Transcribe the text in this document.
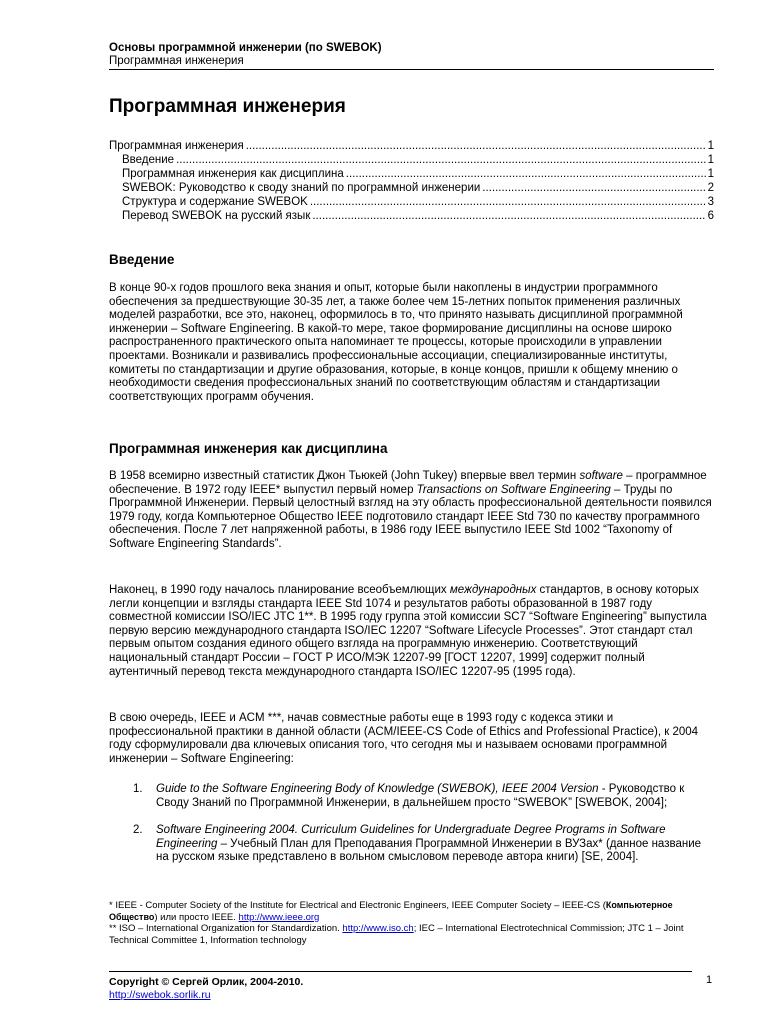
Основы программной инженерии (по SWEBOK)
Программная инженерия
Программная инженерия
Программная инженерия .....	1
Введение .....	1
Программная инженерия как дисциплина .....	1
SWEBOK: Руководство к своду знаний по программной инженерии .....	2
Структура и содержание SWEBOK .....	3
Перевод SWEBOK на русский язык .....	6
Введение

В конце 90-х годов прошлого века знания и опыт, которые были накоплены в индустрии программного обеспечения за предшествующие 30-35 лет, а также более чем 15-летних попыток применения различных моделей разработки, все это, наконец, оформилось в то, что принято называть дисциплиной программной инженерии – Software Engineering. В какой-то мере, такое формирование дисциплины на основе широко распространенного практического опыта напоминает те процессы, которые происходили в управлении проектами. Возникали и развивались профессиональные ассоциации, специализированные институты, комитеты по стандартизации и другие образования, которые, в конце концов, пришли к общему мнению о необходимости сведения профессиональных знаний по соответствующим областям и стандартизации соответствующих программ обучения.

Программная инженерия как дисциплина

В 1958 всемирно известный статистик Джон Тьюкей (John Tukey) впервые ввел термин software – программное обеспечение. В 1972 году IEEE* выпустил первый номер Transactions on Software Engineering – Труды по Программной Инженерии. Первый целостный взгляд на эту область профессиональной деятельности появился 1979 году, когда Компьютерное Общество IEEE подготовило стандарт IEEE Std 730 по качеству программного обеспечения. После 7 лет напряженной работы, в 1986 году IEEE выпустило IEEE Std 1002 “Taxonomy of Software Engineering Standards”.

Наконец, в 1990 году началось планирование всеобъемлющих международных стандартов, в основу которых легли концепции и взгляды стандарта IEEE Std 1074 и результатов работы образованной в 1987 году совместной комиссии ISO/IEC JTC 1**. В 1995 году группа этой комиссии SC7 “Software Engineering” выпустила первую версию международного стандарта ISO/IEC 12207 “Software Lifecycle Processes”. Этот стандарт стал первым опытом создания единого общего взгляда на программную инженерию. Соответствующий национальный стандарт России – ГОСТ Р ИСО/МЭК 12207-99 [ГОСТ 12207, 1999] содержит полный аутентичный перевод текста международного стандарта ISO/IEC 12207-95 (1995 года).

В свою очередь, IEEE и ACM ***, начав совместные работы еще в 1993 году с кодекса этики и профессиональной практики в данной области (ACM/IEEE-CS Code of Ethics and Professional Practice), к 2004 году сформулировали два ключевых описания того, что сегодня мы и называем основами программной инженерии – Software Engineering:

1. Guide to the Software Engineering Body of Knowledge (SWEBOK), IEEE 2004 Version - Руководство к Своду Знаний по Программной Инженерии, в дальнейшем просто “SWEBOK” [SWEBOK, 2004];
2. Software Engineering 2004. Curriculum Guidelines for Undergraduate Degree Programs in Software Engineering – Учебный План для Преподавания Программной Инженерии в ВУЗах* (данное название на русском языке представлено в вольном смысловом переводе автора книги) [SE, 2004].
* IEEE - Computer Society of the Institute for Electrical and Electronic Engineers, IEEE Computer Society – IEEE-CS (Компьютерное Общество) или просто IEEE. http://www.ieee.org
** ISO – International Organization for Standardization. http://www.iso.ch; IEC – International Electrotechnical Commission; JTC 1 – Joint Technical Committee 1, Information technology
Copyright © Сергей Орлик, 2004-2010.
http://swebok.sorlik.ru
1
